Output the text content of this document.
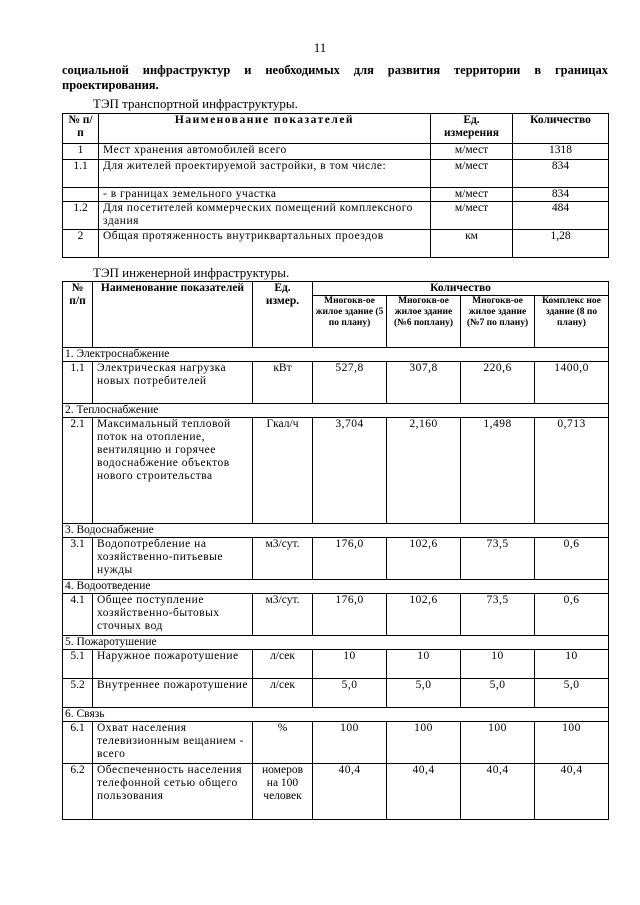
11
социальной инфраструктур и необходимых для развития территории в границах проектирования.
ТЭП транспортной инфраструктуры.
№ п/п	Наименование показателей	Ед. измерения	Количество
1	Мест хранения автомобилей всего	м/мест	1318
1.1	Для жителей проектируемой застройки, в том числе:	м/мест	834
	- в границах земельного участка	м/мест	834
1.2	Для посетителей коммерческих помещений комплексного здания	м/мест	484
2	Общая протяженность внутриквартальных проездов	км	1,28
ТЭП инженерной инфраструктуры.
№ п/п	Наименование показателей	Ед. измер.	Количество			
			Многокв-ое жилое здание (5 по плану)	Многокв-ое жилое здание (№6 поплану)	Многокв-ое жилое здание (№7 по плану)	Комплекс ное здание (8 по плану)
1. Электроснабжение						
1.1	Электрическая нагрузка новых потребителей	кВт	527,8	307,8	220,6	1400,0
2. Теплоснабжение						
2.1	Максимальный тепловой поток на отопление, вентиляцию и горячее водоснабжение объектов нового строительства	Гкал/ч	3,704	2,160	1,498	0,713
3. Водоснабжение						
3.1	Водопотребление на хозяйственно-питьевые нужды	м3/сут.	176,0	102,6	73,5	0,6
4. Водоотведение						
4.1	Общее поступление хозяйственно-бытовых сточных вод	м3/сут.	176,0	102,6	73,5	0,6
5. Пожаротушение						
5.1	Наружное пожаротушение	л/сек	10	10	10	10
5.2	Внутреннее пожаротушение	л/сек	5,0	5,0	5,0	5,0
6. Связь						
6.1	Охват населения телевизионным вещанием - всего	%	100	100	100	100
6.2	Обеспеченность населения телефонной сетью общего пользования	номеров на 100 человек	40,4	40,4	40,4	40,4
